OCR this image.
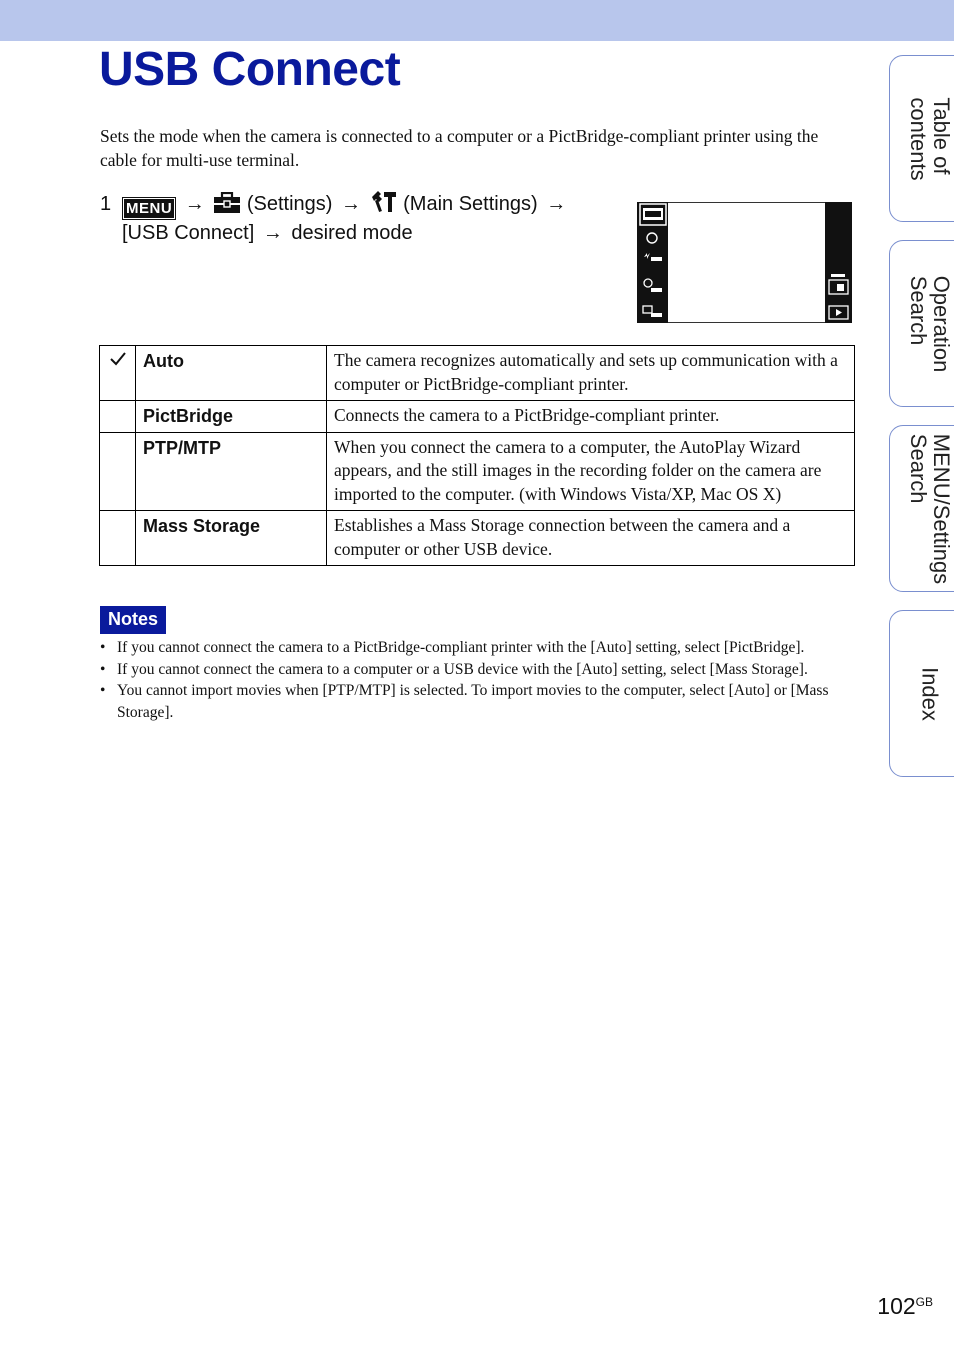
USB Connect

Sets the mode when the camera is connected to a computer or a PictBridge-compliant printer using the cable for multi-use terminal.

1 MENU → (Settings) → (Main Settings) →
[USB Connect] → desired mode
	Auto	The camera recognizes automatically and sets up communication with a computer or PictBridge-compliant printer.
	PictBridge	Connects the camera to a PictBridge-compliant printer.
	PTP/MTP	When you connect the camera to a computer, the AutoPlay Wizard appears, and the still images in the recording folder on the camera are imported to the computer. (with Windows Vista/XP, Mac OS X)
	Mass Storage	Establishes a Mass Storage connection between the camera and a computer or other USB device.
Notes
• If you cannot connect the camera to a PictBridge-compliant printer with the [Auto] setting, select [PictBridge].
• If you cannot connect the camera to a computer or a USB device with the [Auto] setting, select [Mass Storage].
• You cannot import movies when [PTP/MTP] is selected. To import movies to the computer, select [Auto] or [Mass Storage].
Table of
contents
Operation
Search
MENU/Settings
Search
Index
$102^{GB}$
